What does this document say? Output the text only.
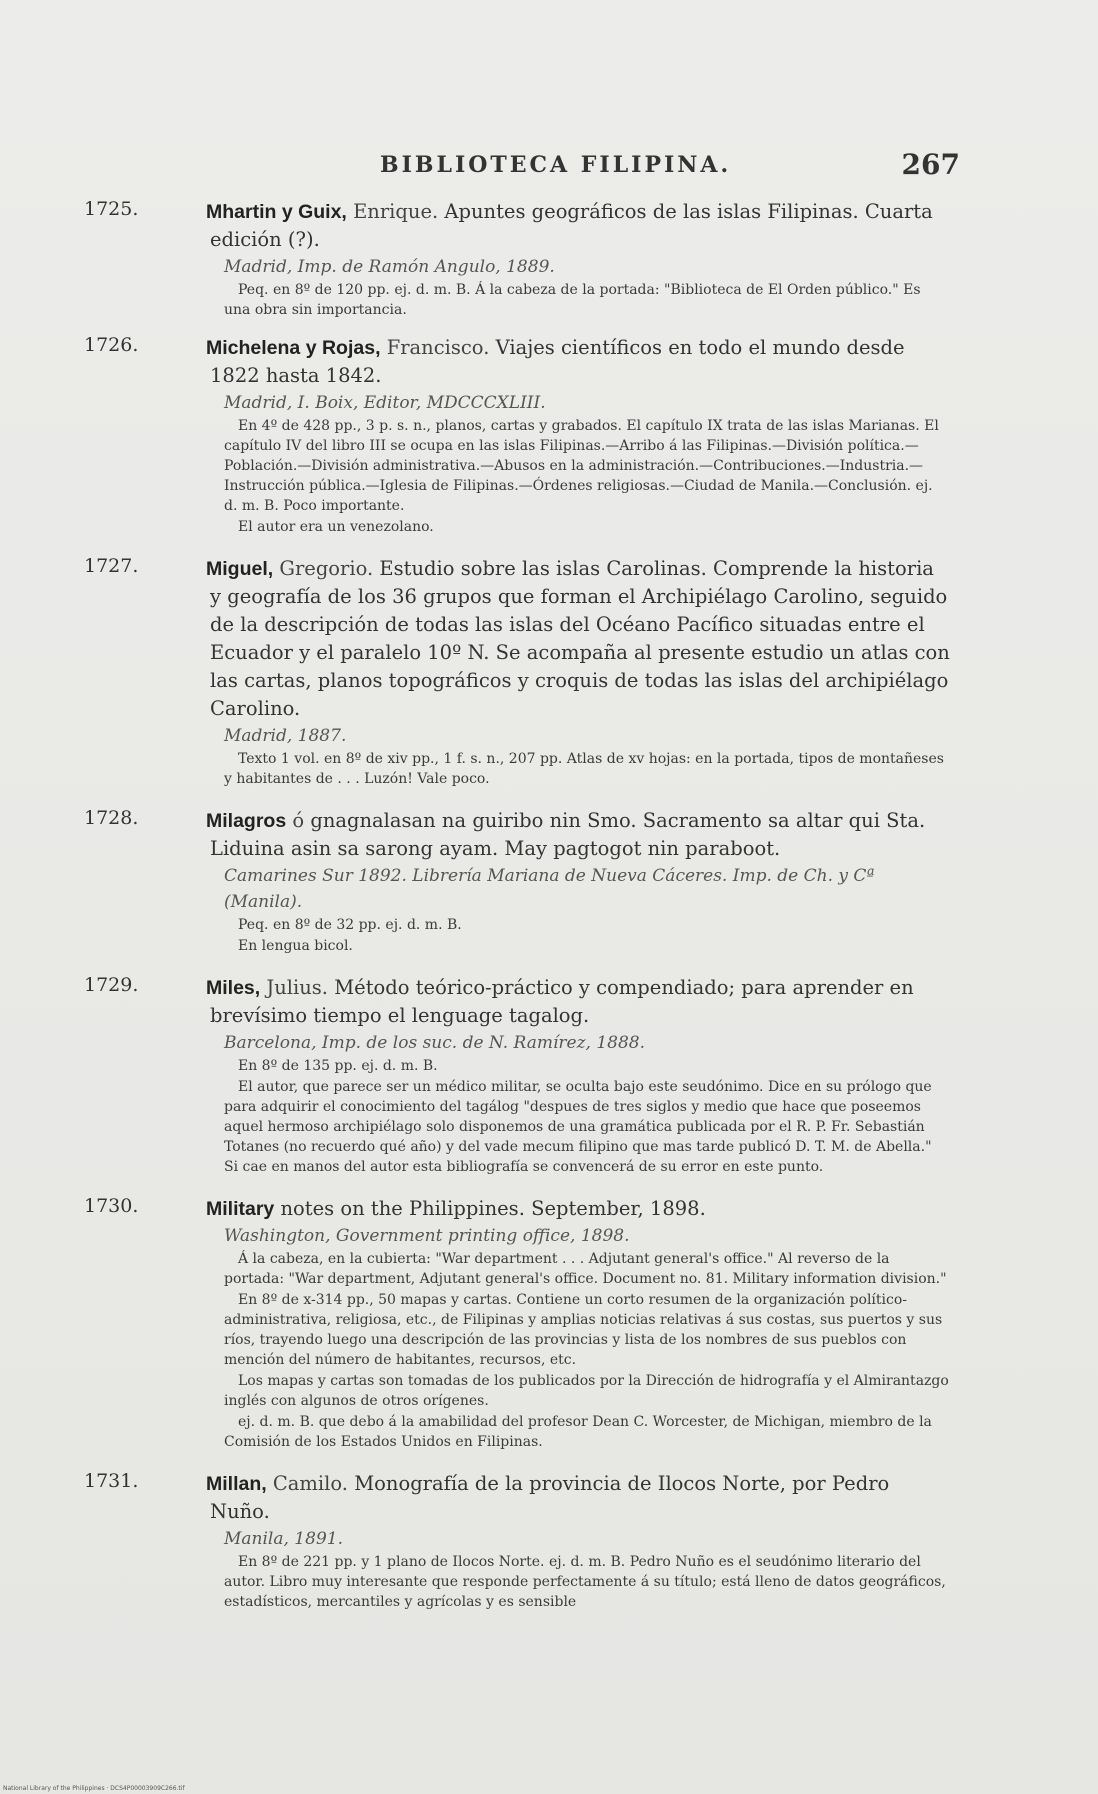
BIBLIOTECA FILIPINA.	267
1725.	Mhartin y Guix, Enrique. Apuntes geográficos de las islas Filipinas. Cuarta edición (?).
Madrid, Imp. de Ramón Angulo, 1889.

Peq. en 8º de 120 pp. ej. d. m. B. Á la cabeza de la portada: "Biblioteca de El Orden público." Es una obra sin importancia.

1726.	Michelena y Rojas, Francisco. Viajes científicos en todo el mundo desde 1822 hasta 1842.
Madrid, I. Boix, Editor, MDCCCXLIII.

En 4º de 428 pp., 3 p. s. n., planos, cartas y grabados. El capítulo IX trata de las islas Marianas. El capítulo IV del libro III se ocupa en las islas Filipinas.—Arribo á las Filipinas.—División política.—Población.—División administrativa.—Abusos en la administración.—Contribuciones.—Industria.—Instrucción pública.—Iglesia de Filipinas.—Órdenes religiosas.—Ciudad de Manila.—Conclusión. ej. d. m. B. Poco importante.

El autor era un venezolano.

1727.	Miguel, Gregorio. Estudio sobre las islas Carolinas. Comprende la historia y geografía de los 36 grupos que forman el Archipiélago Carolino, seguido de la descripción de todas las islas del Océano Pacífico situadas entre el Ecuador y el paralelo 10º N. Se acompaña al presente estudio un atlas con las cartas, planos topográficos y croquis de todas las islas del archipiélago Carolino.
Madrid, 1887.

Texto 1 vol. en 8º de xiv pp., 1 f. s. n., 207 pp. Atlas de xv hojas: en la portada, tipos de montañeses y habitantes de . . . Luzón! Vale poco.

1728.	Milagros ó gnagnalasan na guiribo nin Smo. Sacramento sa altar qui Sta. Liduina asin sa sarong ayam. May pagtogot nin paraboot.
Camarines Sur 1892. Librería Mariana de Nueva Cáceres. Imp. de Ch. y Cª (Manila).

Peq. en 8º de 32 pp. ej. d. m. B.

En lengua bicol.

1729.	Miles, Julius. Método teórico-práctico y compendiado; para aprender en brevísimo tiempo el lenguage tagalog.
Barcelona, Imp. de los suc. de N. Ramírez, 1888.

En 8º de 135 pp. ej. d. m. B.

El autor, que parece ser un médico militar, se oculta bajo este seudónimo. Dice en su prólogo que para adquirir el conocimiento del tagálog "despues de tres siglos y medio que hace que poseemos aquel hermoso archipiélago solo disponemos de una gramática publicada por el R. P. Fr. Sebastián Totanes (no recuerdo qué año) y del vade mecum filipino que mas tarde publicó D. T. M. de Abella." Si cae en manos del autor esta bibliografía se convencerá de su error en este punto.

1730.	Military notes on the Philippines. September, 1898.
Washington, Government printing office, 1898.

Á la cabeza, en la cubierta: "War department . . . Adjutant general's office." Al reverso de la portada: "War department, Adjutant general's office. Document no. 81. Military information division."

En 8º de x-314 pp., 50 mapas y cartas. Contiene un corto resumen de la organización político-administrativa, religiosa, etc., de Filipinas y amplias noticias relativas á sus costas, sus puertos y sus ríos, trayendo luego una descripción de las provincias y lista de los nombres de sus pueblos con mención del número de habitantes, recursos, etc.

Los mapas y cartas son tomadas de los publicados por la Dirección de hidrografía y el Almirantazgo inglés con algunos de otros orígenes.

ej. d. m. B. que debo á la amabilidad del profesor Dean C. Worcester, de Michigan, miembro de la Comisión de los Estados Unidos en Filipinas.

1731.	Millan, Camilo. Monografía de la provincia de Ilocos Norte, por Pedro Nuño.
Manila, 1891.

En 8º de 221 pp. y 1 plano de Ilocos Norte. ej. d. m. B. Pedro Nuño es el seudónimo literario del autor. Libro muy interesante que responde perfectamente á su título; está lleno de datos geográficos, estadísticos, mercantiles y agrícolas y es sensible

National Library of the Philippines · DCS4P00003909C266.tif
